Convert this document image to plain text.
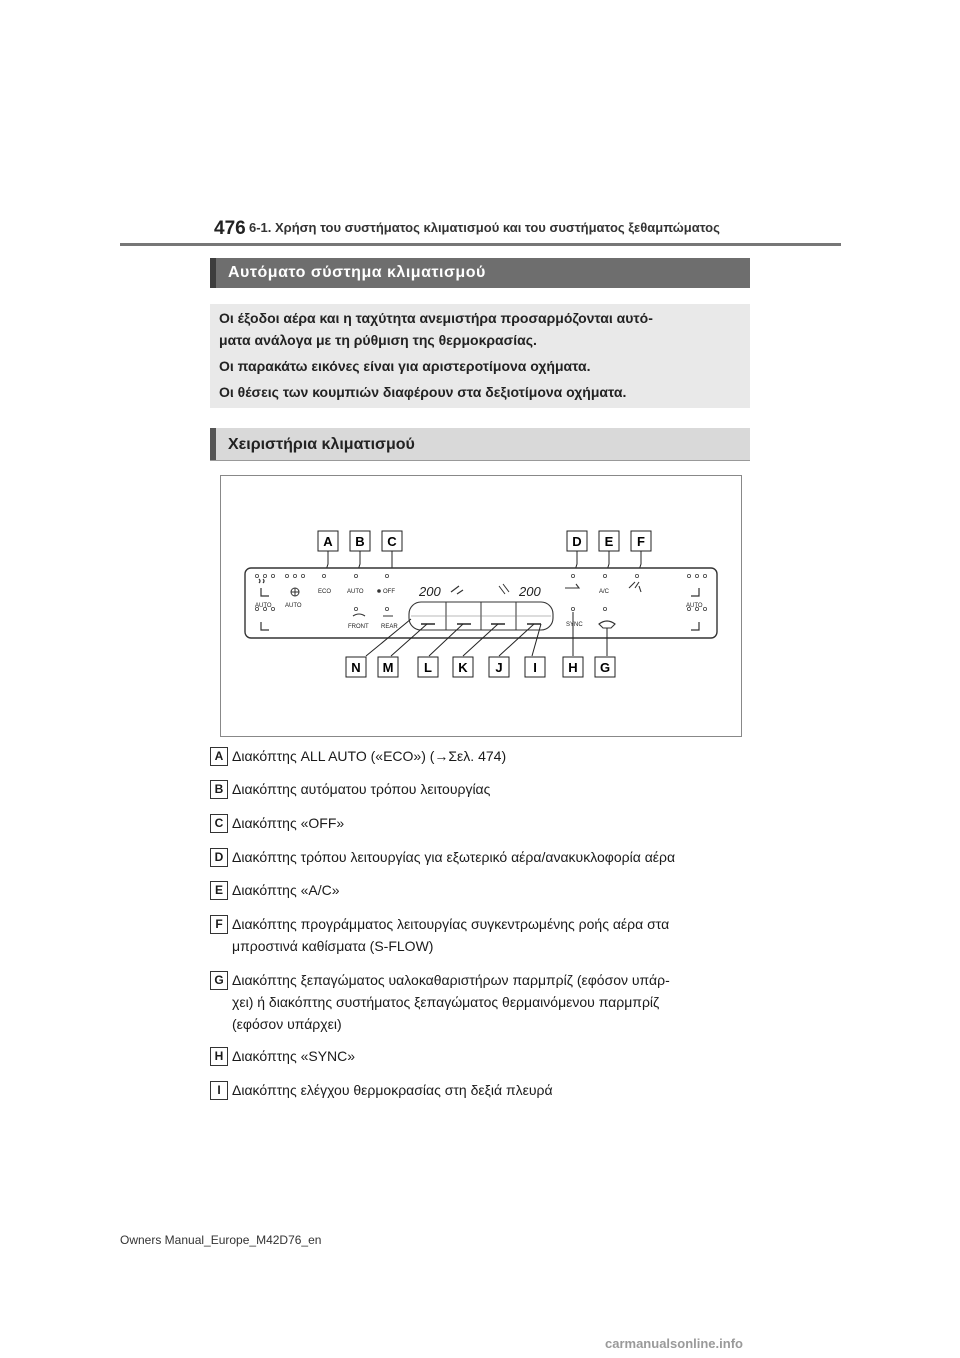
476 6-1. Χρήση του συστήματος κλιματισμού και του συστήματος ξεθαμπώματος
Αυτόματο σύστημα κλιματισμού

Οι έξοδοι αέρα και η ταχύτητα ανεμιστήρα προσαρμόζονται αυτό-

ματα ανάλογα με τη ρύθμιση της θερμοκρασίας.

Οι παρακάτω εικόνες είναι για αριστεροτίμονα οχήματα.

Οι θέσεις των κουμπιών διαφέρουν στα δεξιοτίμονα οχήματα.

Χειριστήρια κλιματισμού
A B C	D E F
AUTO AUTO
ECO	AUTO	OFF	A/C
AUTO
FRONT REAR	SYNC
200	200
N M L K J I H G
A Διακόπτης ALL AUTO («ECO») (→Σελ. 474)
B Διακόπτης αυτόματου τρόπου λειτουργίας
C Διακόπτης «OFF»
D Διακόπτης τρόπου λειτουργίας για εξωτερικό αέρα/ανακυκλοφορία αέρα
E Διακόπτης «A/C»
F Διακόπτης προγράμματος λειτουργίας συγκεντρωμένης ροής αέρα στα
μπροστινά καθίσματα (S-FLOW)
G Διακόπτης ξεπαγώματος υαλοκαθαριστήρων παρμπρίζ (εφόσον υπάρ-
χει) ή διακόπτης συστήματος ξεπαγώματος θερμαινόμενου παρμπρίζ
(εφόσον υπάρχει)
H Διακόπτης «SYNC»
I Διακόπτης ελέγχου θερμοκρασίας στη δεξιά πλευρά
Owners Manual_Europe_M42D76_en
carmanualsonline.info
